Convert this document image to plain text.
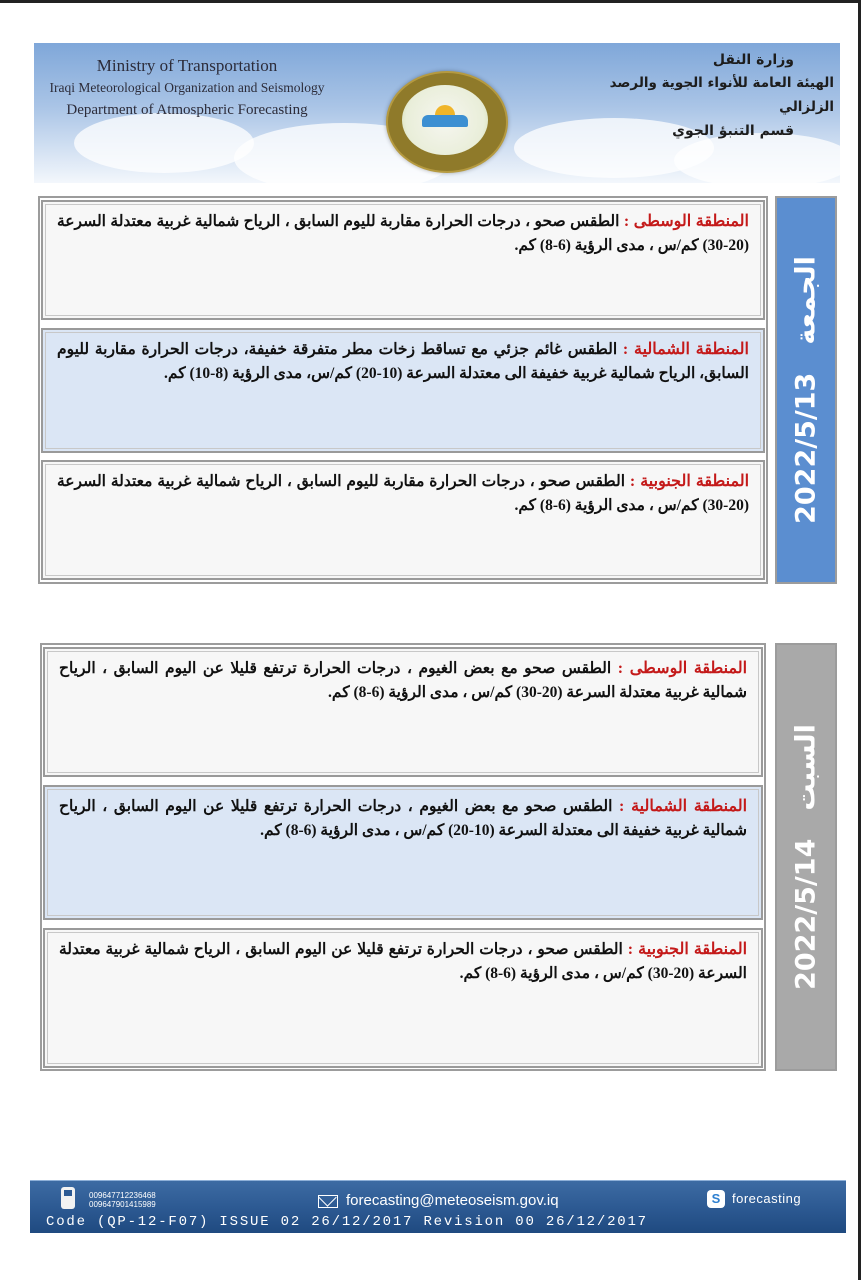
Ministry of Transportation
Iraqi Meteorological Organization and Seismology
Department of Atmospheric Forecasting
وزارة النقل
الهيئة العامة للأنواء الجوية والرصد الزلزالي
قسم التنبؤ الجوي
المنطقة الوسطى : الطقس صحو ، درجات الحرارة مقاربة لليوم السابق ، الرياح شمالية غربية معتدلة السرعة (20-30) كم/س ، مدى الرؤية (6-8) كم.
المنطقة الشمالية : الطقس غائم جزئي مع تساقط زخات مطر متفرقة خفيفة، درجات الحرارة مقاربة لليوم السابق، الرياح شمالية غربية خفيفة الى معتدلة السرعة (10-20) كم/س، مدى الرؤية (8-10) كم.
المنطقة الجنوبية : الطقس صحو ، درجات الحرارة مقاربة لليوم السابق ، الرياح شمالية غربية معتدلة السرعة (20-30) كم/س ، مدى الرؤية (6-8) كم.
الجمعة
2022/5/13
المنطقة الوسطى : الطقس صحو مع بعض الغيوم ، درجات الحرارة ترتفع قليلا عن اليوم السابق ، الرياح شمالية غربية معتدلة السرعة (20-30) كم/س ، مدى الرؤية (6-8) كم.
المنطقة الشمالية : الطقس صحو مع بعض الغيوم ، درجات الحرارة ترتفع قليلا عن اليوم السابق ، الرياح شمالية غربية خفيفة الى معتدلة السرعة (10-20) كم/س ، مدى الرؤية (6-8) كم.
المنطقة الجنوبية : الطقس صحو ، درجات الحرارة ترتفع قليلا عن اليوم السابق ، الرياح شمالية غربية معتدلة السرعة (20-30) كم/س ، مدى الرؤية (6-8) كم.
السبت
2022/5/14
009647712236468
009647901415989	forecasting@meteoseism.gov.iq	S forecasting
Code (QP-12-F07) ISSUE 02 26/12/2017 Revision 00 26/12/2017
